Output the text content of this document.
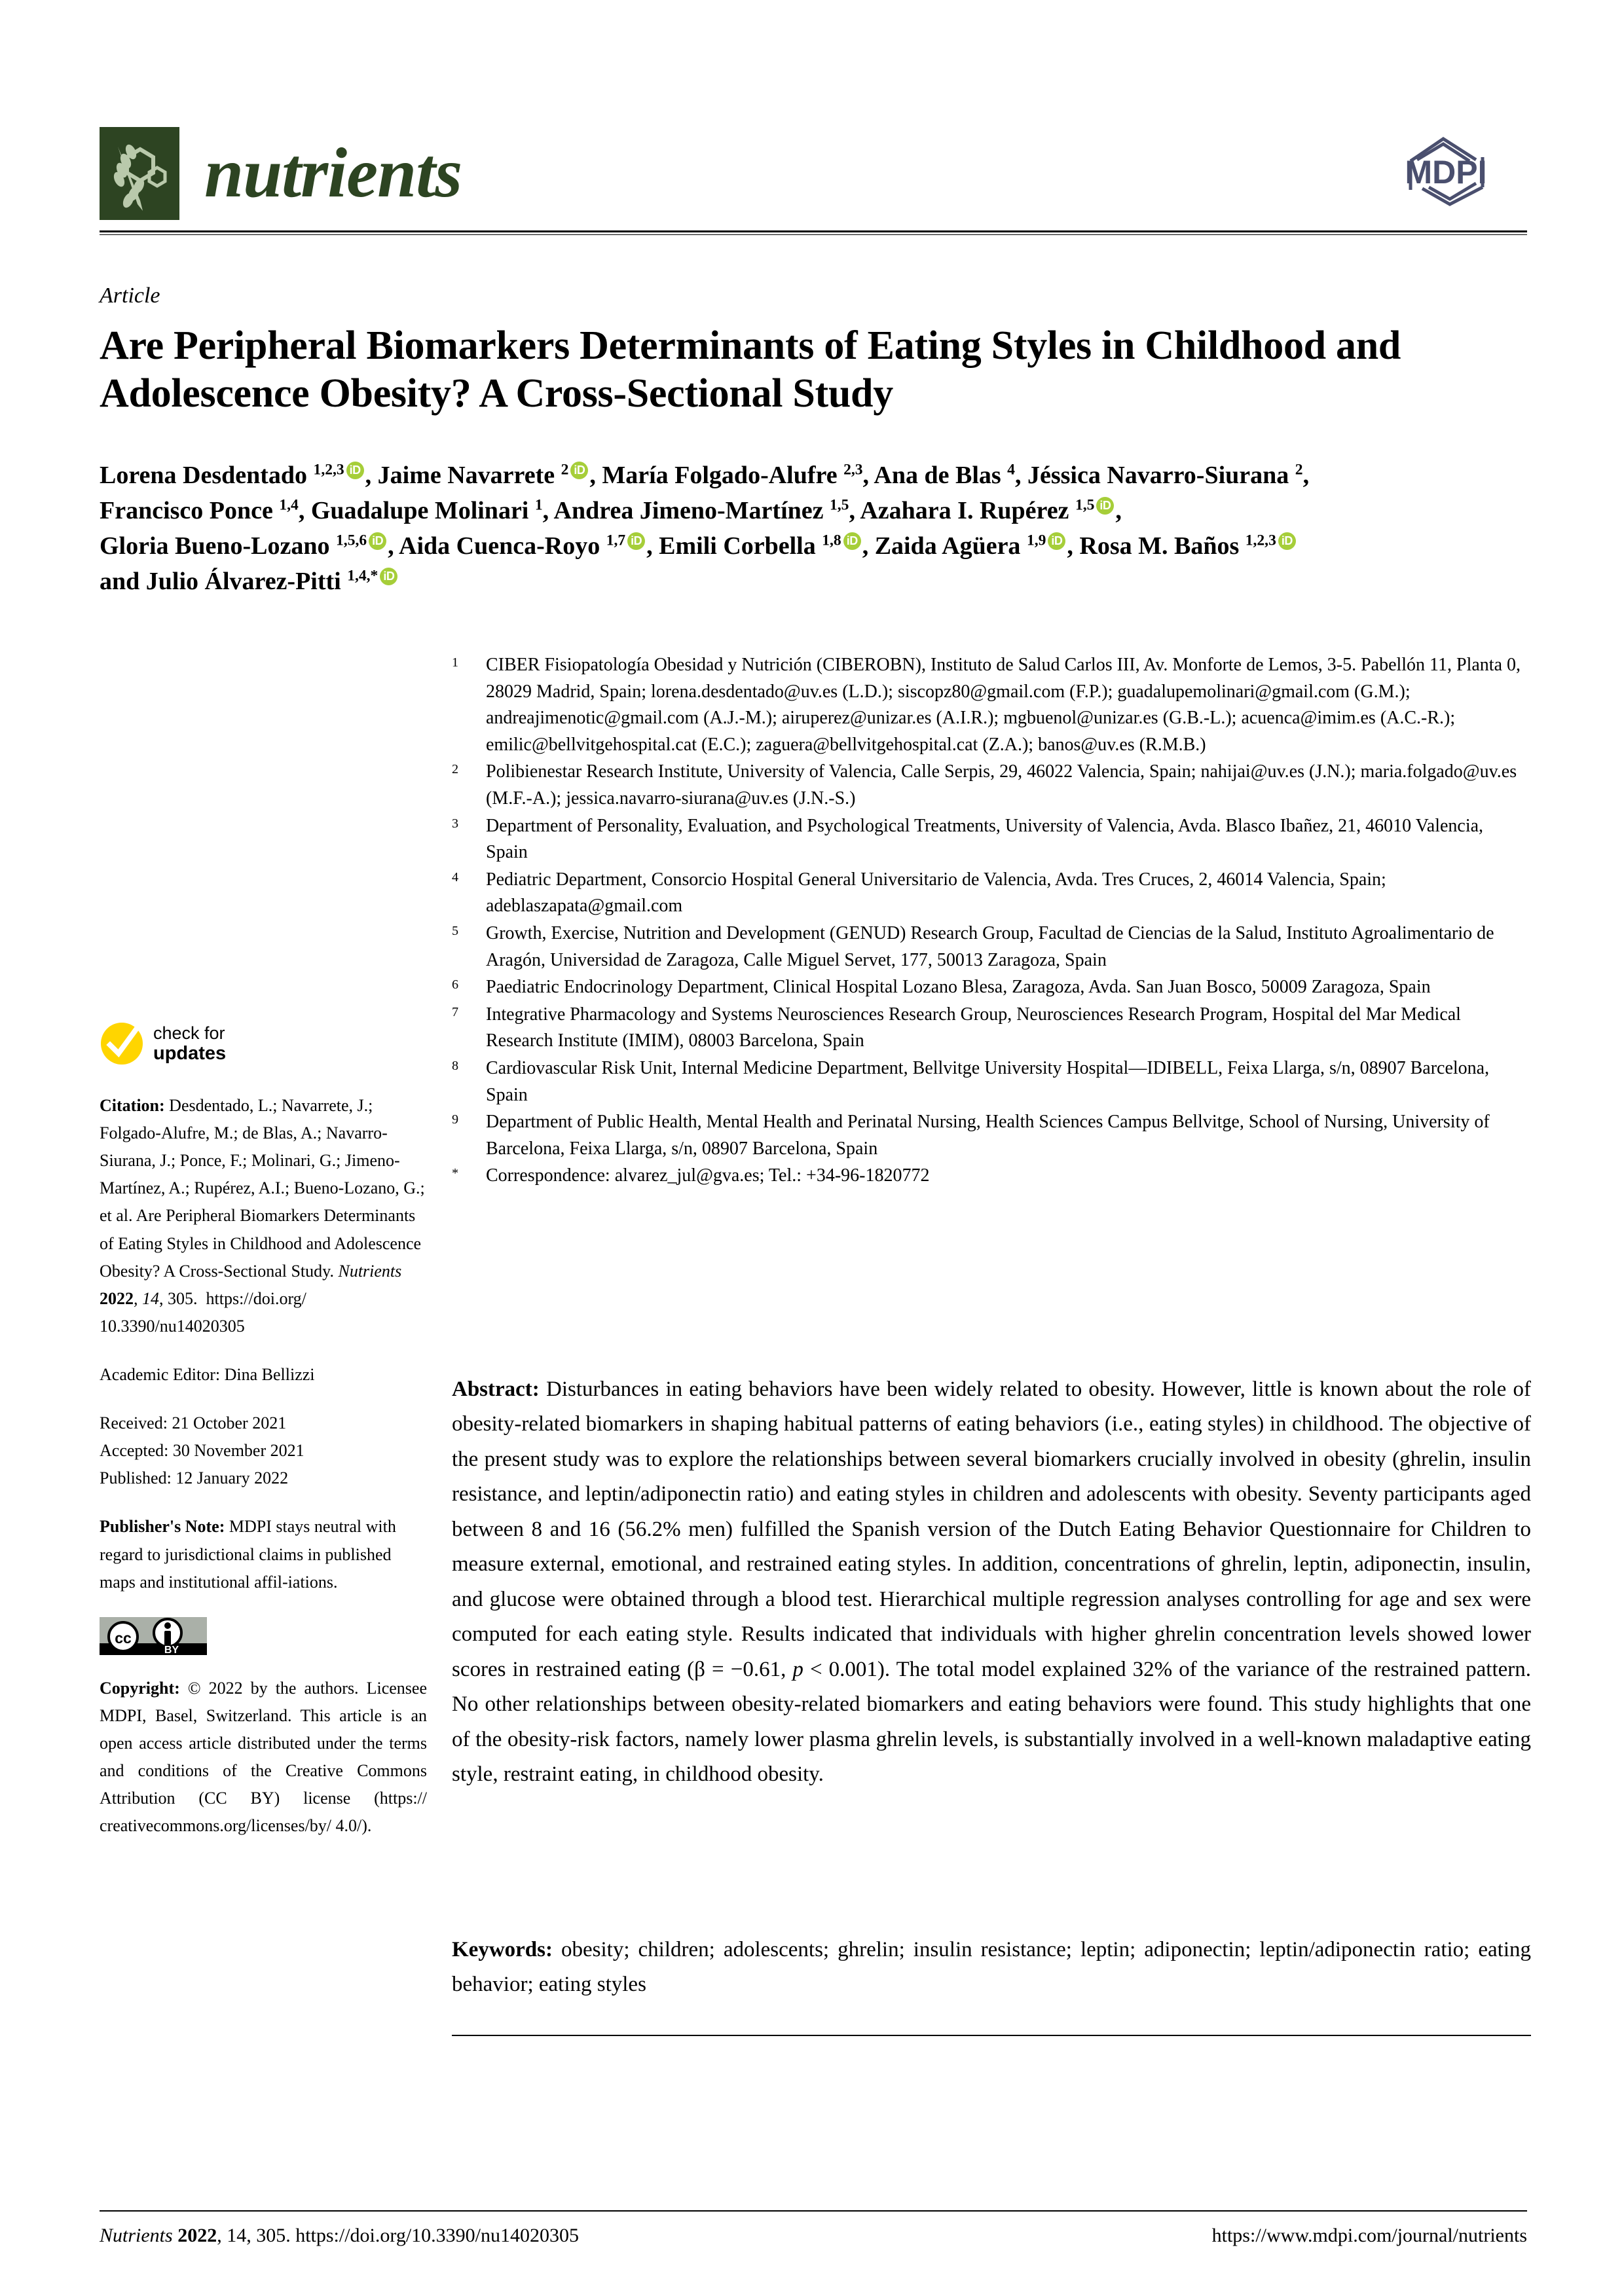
nutrients	MDPI
Article
Are Peripheral Biomarkers Determinants of Eating Styles in Childhood and Adolescence Obesity? A Cross-Sectional Study
Lorena Desdentado $^{1,2,3}$ iD , Jaime Navarrete $^2$ iD , María Folgado-Alufre $^{2,3}$, Ana de Blas $^4$, Jéssica Navarro-Siurana $^2$,
Francisco Ponce $^{1,4}$, Guadalupe Molinari $^1$, Andrea Jimeno-Martínez $^{1,5}$, Azahara I. Rupérez $^{1,5}$ iD ,
Gloria Bueno-Lozano $^{1,5,6}$ iD , Aida Cuenca-Royo $^{1,7}$ iD , Emili Corbella $^{1,8}$ iD , Zaida Agüera $^{1,9}$ iD , Rosa M. Baños $^{1,2,3}$ iD
and Julio Álvarez-Pitti $^{1,4,*}$ iD
1	CIBER Fisiopatología Obesidad y Nutrición (CIBEROBN), Instituto de Salud Carlos III, Av. Monforte de Lemos, 3-5. Pabellón 11, Planta 0, 28029 Madrid, Spain; lorena.desdentado@uv.es (L.D.); siscopz80@gmail.com (F.P.); guadalupemolinari@gmail.com (G.M.); andreajimenotic@gmail.com (A.J.-M.); airuperez@unizar.es (A.I.R.); mgbuenol@unizar.es (G.B.-L.); acuenca@imim.es (A.C.-R.); emilic@bellvitgehospital.cat (E.C.); zaguera@bellvitgehospital.cat (Z.A.); banos@uv.es (R.M.B.)
2	Polibienestar Research Institute, University of Valencia, Calle Serpis, 29, 46022 Valencia, Spain; nahijai@uv.es (J.N.); maria.folgado@uv.es (M.F.-A.); jessica.navarro-siurana@uv.es (J.N.-S.)
3	Department of Personality, Evaluation, and Psychological Treatments, University of Valencia, Avda. Blasco Ibañez, 21, 46010 Valencia, Spain
4	Pediatric Department, Consorcio Hospital General Universitario de Valencia, Avda. Tres Cruces, 2, 46014 Valencia, Spain; adeblaszapata@gmail.com
5	Growth, Exercise, Nutrition and Development (GENUD) Research Group, Facultad de Ciencias de la Salud, Instituto Agroalimentario de Aragón, Universidad de Zaragoza, Calle Miguel Servet, 177, 50013 Zaragoza, Spain
6	Paediatric Endocrinology Department, Clinical Hospital Lozano Blesa, Zaragoza, Avda. San Juan Bosco, 50009 Zaragoza, Spain
7	Integrative Pharmacology and Systems Neurosciences Research Group, Neurosciences Research Program, Hospital del Mar Medical Research Institute (IMIM), 08003 Barcelona, Spain
8	Cardiovascular Risk Unit, Internal Medicine Department, Bellvitge University Hospital—IDIBELL, Feixa Llarga, s/n, 08907 Barcelona, Spain
9	Department of Public Health, Mental Health and Perinatal Nursing, Health Sciences Campus Bellvitge, School of Nursing, University of Barcelona, Feixa Llarga, s/n, 08907 Barcelona, Spain
*	Correspondence: alvarez_jul@gva.es; Tel.: +34-96-1820772
check for
updates
Citation: Desdentado, L.; Navarrete, J.; Folgado-Alufre, M.; de Blas, A.; Navarro-Siurana, J.; Ponce, F.; Molinari, G.; Jimeno-Martínez, A.; Rupérez, A.I.; Bueno-Lozano, G.; et al. Are Peripheral Biomarkers Determinants of Eating Styles in Childhood and Adolescence Obesity? A Cross-Sectional Study. Nutrients 2022, 14, 305.  https://doi.org/ 10.3390/nu14020305
Academic Editor: Dina Bellizzi
Received: 21 October 2021
Accepted: 30 November 2021
Published: 12 January 2022
Publisher's Note: MDPI stays neutral with regard to jurisdictional claims in published maps and institutional affil-iations.
cc
BY
Copyright: © 2022 by the authors. Licensee MDPI, Basel, Switzerland. This article is an open access article distributed under the terms and conditions of the Creative Commons Attribution (CC BY) license (https:// creativecommons.org/licenses/by/ 4.0/).
Abstract: Disturbances in eating behaviors have been widely related to obesity. However, little is known about the role of obesity-related biomarkers in shaping habitual patterns of eating behaviors (i.e., eating styles) in childhood. The objective of the present study was to explore the relationships between several biomarkers crucially involved in obesity (ghrelin, insulin resistance, and leptin/adiponectin ratio) and eating styles in children and adolescents with obesity. Seventy participants aged between 8 and 16 (56.2% men) fulfilled the Spanish version of the Dutch Eating Behavior Questionnaire for Children to measure external, emotional, and restrained eating styles. In addition, concentrations of ghrelin, leptin, adiponectin, insulin, and glucose were obtained through a blood test. Hierarchical multiple regression analyses controlling for age and sex were computed for each eating style. Results indicated that individuals with higher ghrelin concentration levels showed lower scores in restrained eating (β = −0.61, p < 0.001). The total model explained 32% of the variance of the restrained pattern. No other relationships between obesity-related biomarkers and eating behaviors were found. This study highlights that one of the obesity-risk factors, namely lower plasma ghrelin levels, is substantially involved in a well-known maladaptive eating style, restraint eating, in childhood obesity.
Keywords: obesity; children; adolescents; ghrelin; insulin resistance; leptin; adiponectin; leptin/adiponectin ratio; eating behavior; eating styles
Nutrients 2022, 14, 305. https://doi.org/10.3390/nu14020305	https://www.mdpi.com/journal/nutrients
